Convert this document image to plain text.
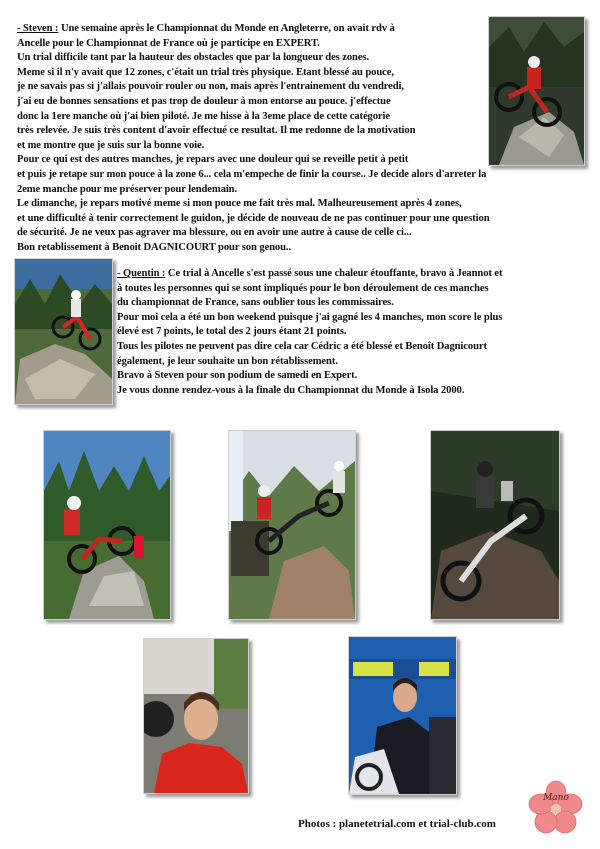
- Steven : Une semaine après le Championnat du Monde en Angleterre, on avait rdv à

Ancelle pour le Championnat de France où je participe en EXPERT.

Un trial difficile tant par la hauteur des obstacles que par la longueur des zones.

Meme si il n'y avait que 12 zones, c'était un trial très physique. Etant blessé au pouce,

je ne savais pas si j'allais pouvoir rouler ou non, mais après l'entrainement du vendredi,

j'ai eu de bonnes sensations et pas trop de douleur à mon entorse au pouce. j'effectue

donc la 1ere manche où j'ai bien piloté. Je me hisse à la 3eme place de cette catégorie

très relevée. Je suis très content d'avoir effectué ce resultat. Il me redonne de la motivation

et me montre que je suis sur la bonne voie.

Pour ce qui est des autres manches, je repars avec une douleur qui se reveille petit à petit

et puis je retape sur mon pouce à la zone 6... cela m'empeche de finir la course.. Je decide alors d'arreter la

2eme manche pour me préserver pour lendemain.

Le dimanche, je repars motivé meme si mon pouce me fait très mal. Malheureusement après 4 zones,

et une difficulté à tenir correctement le guidon, je décide de nouveau de ne pas continuer pour une question

de sécurité. Je ne veux pas agraver ma blessure, ou en avoir une autre à cause de celle ci...

Bon retablissement à Benoit DAGNICOURT pour son genou..

- Quentin : Ce trial à Ancelle s'est passé sous une chaleur étouffante, bravo à Jeannot et

à toutes les personnes qui se sont impliqués pour le bon déroulement de ces manches

du championnat de France, sans oublier tous les commissaires.

Pour moi cela a été un bon weekend puisque j'ai gagné les 4 manches, mon score le plus

élevé est 7 points, le total des 2 jours étant 21 points.

Tous les pilotes ne peuvent pas dire cela car Cédric a été blessé et Benoît Dagnicourt

également, je leur souhaite un bon rétablissement.

Bravo à Steven pour son podium de samedi en Expert.

Je vous donne rendez-vous à la finale du Championnat du Monde à Isola 2000.

Photos : planetetrial.com et trial-club.com
Mano
